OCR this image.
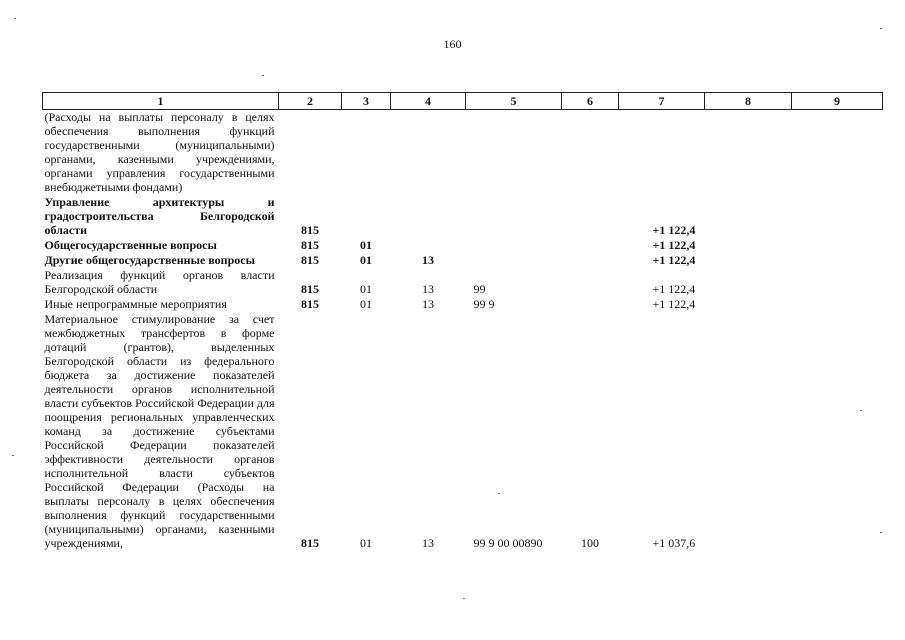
160
1	2	3	4	5	6	7	8	9
(Расходы на выплаты персоналу в целях обеспечения выполнения функций государственными (муниципальными) органами, казенными учреждениями, органами управления государственными внебюджетными фондами)								
Управление архитектуры и градостроительства Белгородской области	815					+1 122,4		
Общегосударственные вопросы	815	01				+1 122,4		
Другие общегосударственные вопросы	815	01	13			+1 122,4		
Реализация функций органов власти Белгородской области	815	01	13	99		+1 122,4		
Иные непрограммные мероприятия	815	01	13	99 9		+1 122,4		
Материальное стимулирование за счет межбюджетных трансфертов в форме дотаций (грантов), выделенных Белгородской области из федерального бюджета за достижение показателей деятельности органов исполнительной власти субъектов Российской Федерации для поощрения региональных управленческих команд за достижение субъектами Российской Федерации показателей эффективности деятельности органов исполнительной власти субъектов Российской Федерации (Расходы на выплаты персоналу в целях обеспечения выполнения функций государственными (муниципальными) органами, казенными учреждениями,	815	01	13	99 9 00 00890	100	+1 037,6		
